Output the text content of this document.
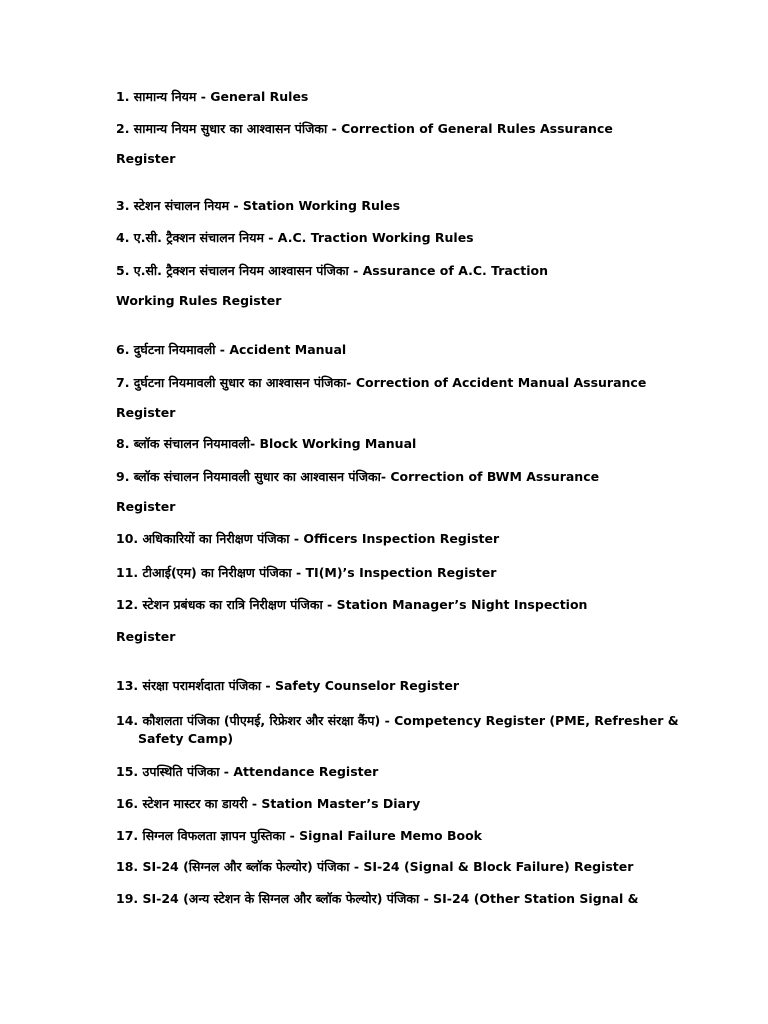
1. सामान्य नियम - General Rules
2. सामान्य नियम सुधार का आश्वासन पंजिका - Correction of General Rules Assurance
Register
3. स्टेशन संचालन नियम - Station Working Rules
4. ए.सी. ट्रैक्शन संचालन नियम - A.C. Traction Working Rules
5. ए.सी. ट्रैक्शन संचालन नियम आश्वासन पंजिका - Assurance of A.C. Traction
Working Rules Register
6. दुर्घटना नियमावली - Accident Manual
7. दुर्घटना नियमावली सुधार का आश्वासन पंजिका- Correction of Accident Manual Assurance
Register
8. ब्लॉक संचालन नियमावली- Block Working Manual
9. ब्लॉक संचालन नियमावली सुधार का आश्वासन पंजिका- Correction of BWM Assurance
Register
10. अधिकारियों का निरीक्षण पंजिका - Officers Inspection Register
11. टीआई(एम) का निरीक्षण पंजिका - TI(M)’s Inspection Register
12. स्टेशन प्रबंधक का रात्रि निरीक्षण पंजिका - Station Manager’s Night Inspection
Register
13. संरक्षा परामर्शदाता पंजिका - Safety Counselor Register
14. कौशलता पंजिका (पीएमई, रिफ्रेशर और संरक्षा कैंप) - Competency Register (PME, Refresher & Safety Camp)
15. उपस्थिति पंजिका - Attendance Register
16. स्टेशन मास्टर का डायरी - Station Master’s Diary
17. सिग्नल विफलता ज्ञापन पुस्तिका - Signal Failure Memo Book
18. SI-24 (सिग्नल और ब्लॉक फेल्योर) पंजिका - SI-24 (Signal & Block Failure) Register
19. SI-24 (अन्य स्टेशन के सिग्नल और ब्लॉक फेल्योर) पंजिका - SI-24 (Other Station Signal &
